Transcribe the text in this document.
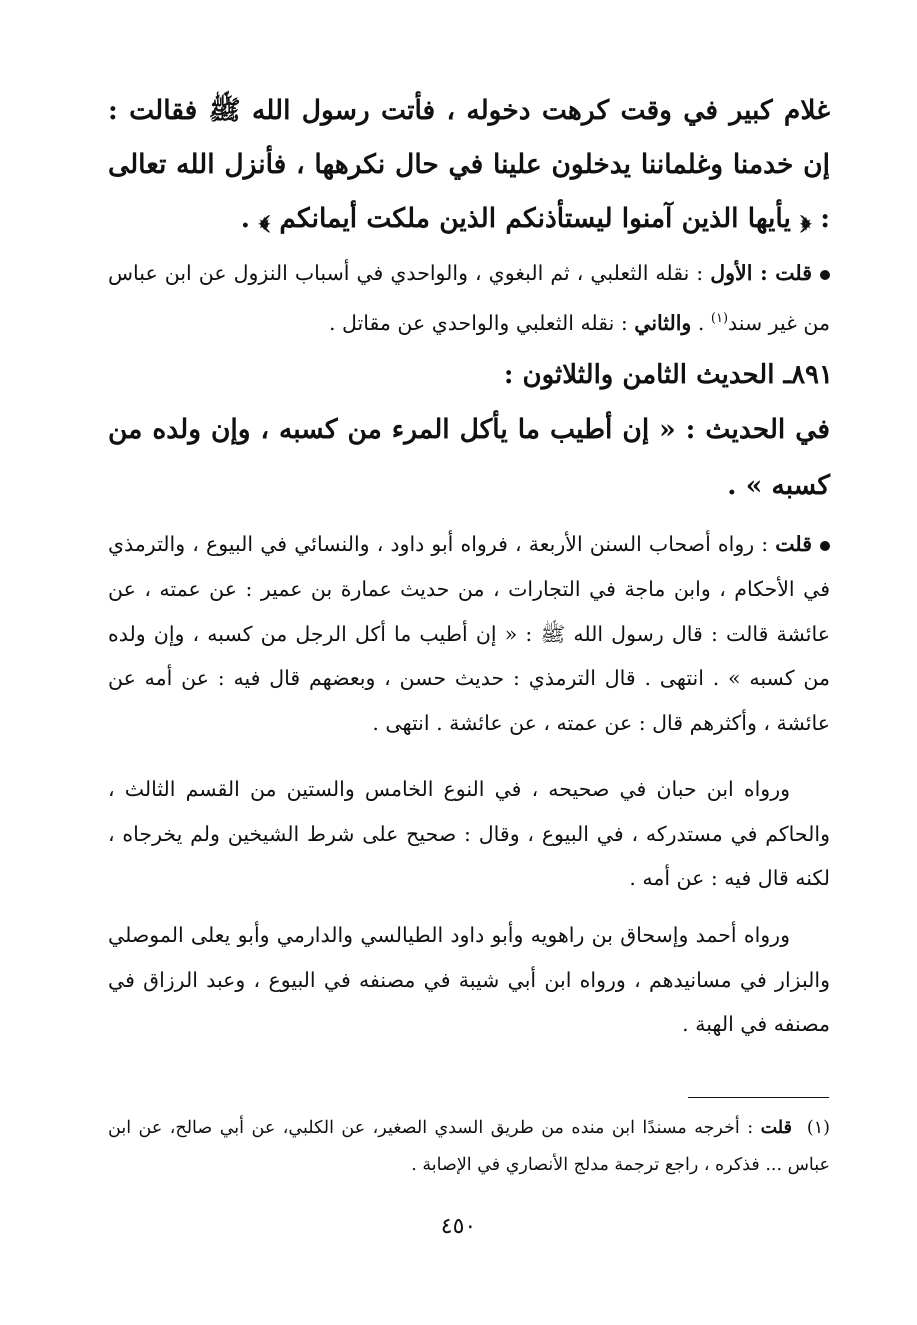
غلام كبير في وقت كرهت دخوله ، فأتت رسول الله ﷺ فقالت : إن خدمنا وغلماننا يدخلون علينا في حال نكرهها ، فأنزل الله تعالى : ﴿ يأيها الذين آمنوا ليستأذنكم الذين ملكت أيمانكم ﴾ .

قلت : الأول : نقله الثعلبي ، ثم البغوي ، والواحدي في أسباب النزول عن ابن عباس من غير سند$^{(١)}$ . والثاني : نقله الثعلبي والواحدي عن مقاتل .

٨٩١ـ الحديث الثامن والثلاثون :

في الحديث : « إن أطيب ما يأكل المرء من كسبه ، وإن ولده من كسبه » .

قلت : رواه أصحاب السنن الأربعة ، فرواه أبو داود ، والنسائي في البيوع ، والترمذي في الأحكام ، وابن ماجة في التجارات ، من حديث عمارة بن عمير : عن عمته ، عن عائشة قالت : قال رسول الله ﷺ : « إن أطيب ما أكل الرجل من كسبه ، وإن ولده من كسبه » . انتهى . قال الترمذي : حديث حسن ، وبعضهم قال فيه : عن أمه عن عائشة ، وأكثرهم قال : عن عمته ، عن عائشة . انتهى .

ورواه ابن حبان في صحيحه ، في النوع الخامس والستين من القسم الثالث ، والحاكم في مستدركه ، في البيوع ، وقال : صحيح على شرط الشيخين ولم يخرجاه ، لكنه قال فيه : عن أمه .

ورواه أحمد وإسحاق بن راهويه وأبو داود الطيالسي والدارمي وأبو يعلى الموصلي والبزار في مسانيدهم ، ورواه ابن أبي شيبة في مصنفه في البيوع ، وعبد الرزاق في مصنفه في الهبة .

(١)  قلت : أخرجه مسندًا ابن منده من طريق السدي الصغير، عن الكلبي، عن أبي صالح، عن ابن عباس ... فذكره ، راجع ترجمة مدلج الأنصاري في الإصابة .

٤٥٠
